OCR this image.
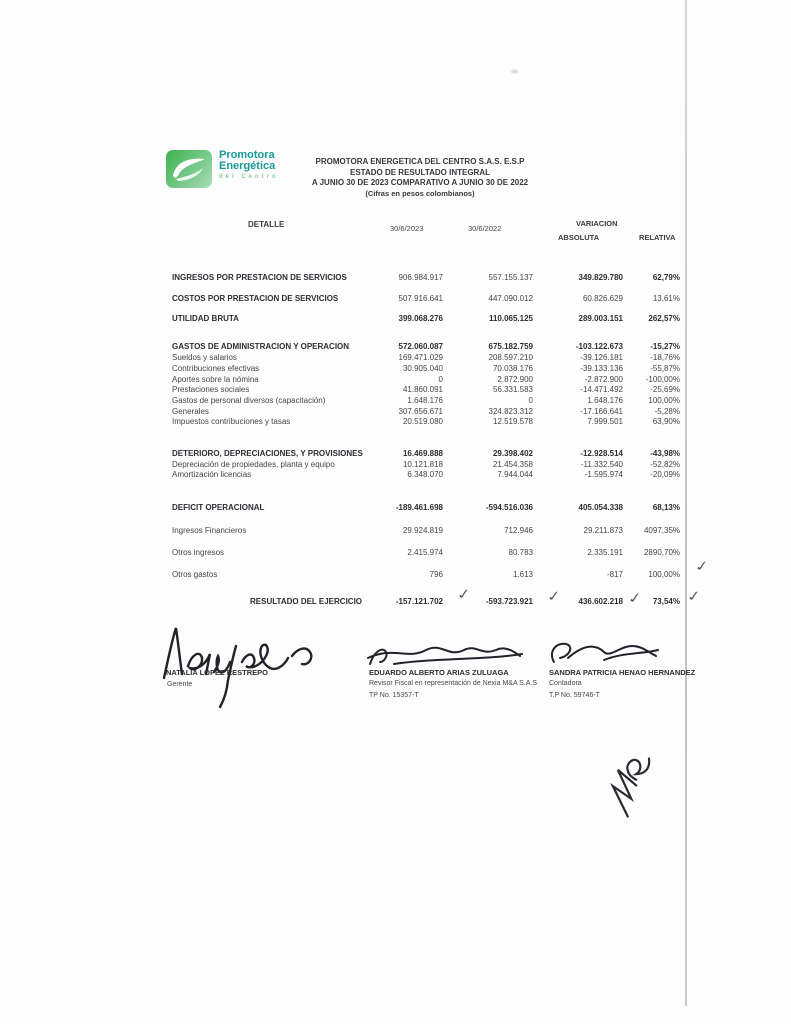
Promotora
Energética
del Centro
PROMOTORA ENERGETICA DEL CENTRO S.A.S. E.S.P
ESTADO DE RESULTADO INTEGRAL
A JUNIO 30 DE 2023 COMPARATIVO A JUNIO 30 DE 2022
(Cifras en pesos colombianos)
DETALLE	30/6/2023	30/6/2022
VARIACION
ABSOLUTA	RELATIVA
INGRESOS POR PRESTACION DE SERVICIOS	906.984.917	557.155.137	349.829.780	62,79%
COSTOS POR PRESTACION DE SERVICIOS	507.916.641	447.090.012	60.826.629	13,61%
UTILIDAD BRUTA	399.068.276	110.065.125	289.003.151	262,57%
GASTOS DE ADMINISTRACION Y OPERACION	572.060.087	675.182.759	-103.122.673	-15,27%
Sueldos y salarios	169.471.029	208.597.210	-39.126.181	-18,76%
Contribuciones efectivas	30.905.040	70.038.176	-39.133.136	-55,87%
Aportes sobre la nómina	0	2.872.900	-2.872.900	-100,00%
Prestaciones sociales	41.860.091	56.331.583	-14.471.492	-25,69%
Gastos de personal diversos (capacitación)	1.648.176	0	1.648.176	100,00%
Generales	307.656.671	324.823.312	-17.166.641	-5,28%
Impuestos contribuciones y tasas	20.519.080	12.519.578	7.999.501	63,90%
DETERIORO, DEPRECIACIONES, Y PROVISIONES	16.469.888	29.398.402	-12.928.514	-43,98%
Depreciación de propiedades, planta y equipo	10.121.818	21.454.358	-11.332.540	-52,82%
Amortización licencias	6.348.070	7.944.044	-1.595.974	-20,09%
DEFICIT OPERACIONAL	-189.461.698	-594.516.036	405.054.338	68,13%
Ingresos Financieros	29.924.819	712.946	29.211.873	4097,35%
Otros ingresos	2.415.974	80.783	2.335.191	2890,70%
Otros gastos	796	1.613	-817	100,00%
RESULTADO DEL EJERCICIO	-157.121.702	-593.723.921	436.602.218	73,54%
✓
✓	✓	✓	✓
NATALIA LOPEZ RESTREPO
Gerente
EDUARDO ALBERTO ARIAS ZULUAGA
Revisor Fiscal en representación de Nexia M&A S.A.S
TP No. 15357-T
SANDRA PATRICIA HENAO HERNANDEZ
Contadora
T.P No. 59746-T
